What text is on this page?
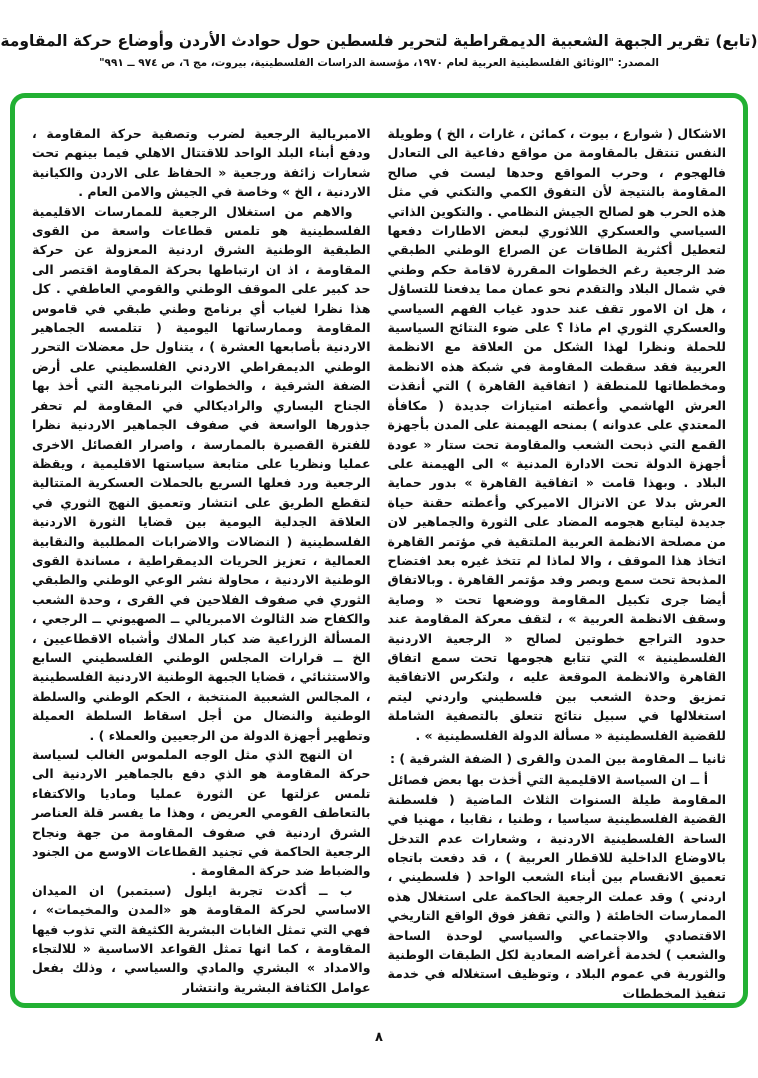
(تابع) تقرير الجبهة الشعبية الديمقراطية لتحرير فلسطين حول حوادث الأردن وأوضاع حركة المقاومة
المصدر: "الوثائق الفلسطينية العربية لعام ١٩٧٠، مؤسسة الدراسات الفلسطينية، بيروت، مج ٦، ص ٩٧٤ ــ ٩٩١"

الاشكال ( شوارع ، بيوت ، كمائن ، غارات ، الخ ) وطويلة النفس تنتقل بالمقاومة من مواقع دفاعية الى التعادل فالهجوم ، وحرب المواقع وحدها ليست في صالح المقاومة بالنتيجة لأن التفوق الكمي والتكني في مثل هذه الحرب هو لصالح الجيش النظامي . والتكوين الذاتي السياسي والعسكري اللاثوري لبعض الاطارات دفعها لتعطيل أكثرية الطاقات عن الصراع الوطني الطبقي ضد الرجعية رغم الخطوات المقررة لاقامة حكم وطني في شمال البلاد والتقدم نحو عمان مما يدفعنا للتساؤل ، هل ان الامور تقف عند حدود غياب الفهم السياسي والعسكري الثوري ام ماذا ؟ على ضوء النتائج السياسية للحملة ونظرا لهذا الشكل من العلاقة مع الانظمة العربية فقد سقطت المقاومة في شبكة هذه الانظمة ومخططاتها للمنطقة ( اتفاقية القاهرة ) التي أنقذت العرش الهاشمي وأعطته امتيازات جديدة ( مكافأة المعتدي على عدوانه ) بمنحه الهيمنة على المدن بأجهزة القمع التي ذبحت الشعب والمقاومة تحت ستار « عودة أجهزة الدولة تحت الادارة المدنية » الى الهيمنة على البلاد . وبهذا قامت « اتفاقية القاهرة » بدور حماية العرش بدلا عن الانزال الاميركي وأعطته حقنة حياة جديدة ليتابع هجومه المضاد على الثورة والجماهير لان من مصلحة الانظمة العربية الملتقية في مؤتمر القاهرة اتخاذ هذا الموقف ، والا لماذا لم تتخذ غيره بعد افتضاح المذبحة تحت سمع وبصر وفد مؤتمر القاهرة . وبالاتفاق أيضا جرى تكبيل المقاومة ووضعها تحت « وصاية وسقف الانظمة العربية » ، لتقف معركة المقاومة عند حدود التراجع خطوتين لصالح « الرجعية الاردنية الفلسطينية » التي تتابع هجومها تحت سمع اتفاق القاهرة والانظمة الموقعة عليه ، ولتكرس الاتفاقية تمزيق وحدة الشعب بين فلسطيني واردني ليتم استغلالها في سبيل نتائج تتعلق بالتصفية الشاملة للقضية الفلسطينية « مسألة الدولة الفلسطينية » .

ثانيا ــ المقاومة بين المدن والقرى ( الضفة الشرقية ) :

أ ــ ان السياسة الاقليمية التي أخذت بها بعض فصائل المقاومة طيلة السنوات الثلاث الماضية ( فلسطنة القضية الفلسطينية سياسيا ، وطنيا ، نقابيا ، مهنيا في الساحة الفلسطينية الاردنية ، وشعارات عدم التدخل بالاوضاع الداخلية للاقطار العربية ) ، قد دفعت باتجاه تعميق الانقسام بين أبناء الشعب الواحد ( فلسطيني ، اردني ) وقد عملت الرجعية الحاكمة على استغلال هذه الممارسات الخاطئة ( والتي تقفز فوق الواقع التاريخي الاقتصادي والاجتماعي والسياسي لوحدة الساحة والشعب ) لخدمة أغراضه المعادية لكل الطبقات الوطنية والثورية في عموم البلاد ، وتوظيف استغلاله في خدمة تنفيذ المخططات

الامبريالية الرجعية لضرب وتصفية حركة المقاومة ، ودفع أبناء البلد الواحد للاقتتال الاهلي فيما بينهم تحت شعارات زائفة ورجعية « الحفاظ على الاردن والكيانية الاردنية ، الخ » وخاصة في الجيش والامن العام .

والاهم من استغلال الرجعية للممارسات الاقليمية الفلسطينية هو تلمس قطاعات واسعة من القوى الطبقية الوطنية الشرق اردنية المعزولة عن حركة المقاومة ، اذ ان ارتباطها بحركة المقاومة اقتصر الى حد كبير على الموقف الوطني والقومي العاطفي . كل هذا نظرا لغياب أي برنامج وطني طبقي في قاموس المقاومة وممارساتها اليومية ( تتلمسه الجماهير الاردنية بأصابعها العشرة ) ، يتناول حل معضلات التحرر الوطني الديمقراطي الاردني الفلسطيني على أرض الضفة الشرقية ، والخطوات البرنامجية التي أخذ بها الجناح اليساري والراديكالي في المقاومة لم تحفر جذورها الواسعة في صفوف الجماهير الاردنية نظرا للفترة القصيرة بالممارسة ، واصرار الفصائل الاخرى عمليا ونظريا على متابعة سياستها الاقليمية ، ويقظة الرجعية ورد فعلها السريع بالحملات العسكرية المتتالية لتقطع الطريق على انتشار وتعميق النهج الثوري في العلاقة الجدلية اليومية بين قضايا الثورة الاردنية الفلسطينية ( النضالات والاضرابات المطلبية والنقابية العمالية ، تعزيز الحريات الديمقراطية ، مساندة القوى الوطنية الاردنية ، محاولة نشر الوعي الوطني والطبقي الثوري في صفوف الفلاحين في القرى ، وحدة الشعب والكفاح ضد الثالوث الامبريالي ــ الصهيوني ــ الرجعي ، المسألة الزراعية ضد كبار الملاك وأشباه الاقطاعيين ، الخ ــ قرارات المجلس الوطني الفلسطيني السابع والاستثنائي ، قضايا الجبهة الوطنية الاردنية الفلسطينية ، المجالس الشعبية المنتخبة ، الحكم الوطني والسلطة الوطنية والنضال من أجل اسقاط السلطة العميلة وتطهير أجهزة الدولة من الرجعيين والعملاء ) .

ان النهج الذي مثل الوجه الملموس الغالب لسياسة حركة المقاومة هو الذي دفع بالجماهير الاردنية الى تلمس عزلتها عن الثورة عمليا وماديا والاكتفاء بالتعاطف القومي العريض ، وهذا ما يفسر قلة العناصر الشرق اردنية في صفوف المقاومة من جهة ونجاح الرجعية الحاكمة في تجنيد القطاعات الاوسع من الجنود والضباط ضد حركة المقاومة .

ب ــ أكدت تجربة ايلول (سبتمبر) ان الميدان الاساسي لحركة المقاومة هو «المدن والمخيمات» ، فهي التي تمثل الغابات البشرية الكثيفة التي تذوب فيها المقاومة ، كما انها تمثل القواعد الاساسية « للالتجاء والامداد » البشري والمادي والسياسي ، وذلك بفعل عوامل الكثافة البشرية وانتشار

٨
